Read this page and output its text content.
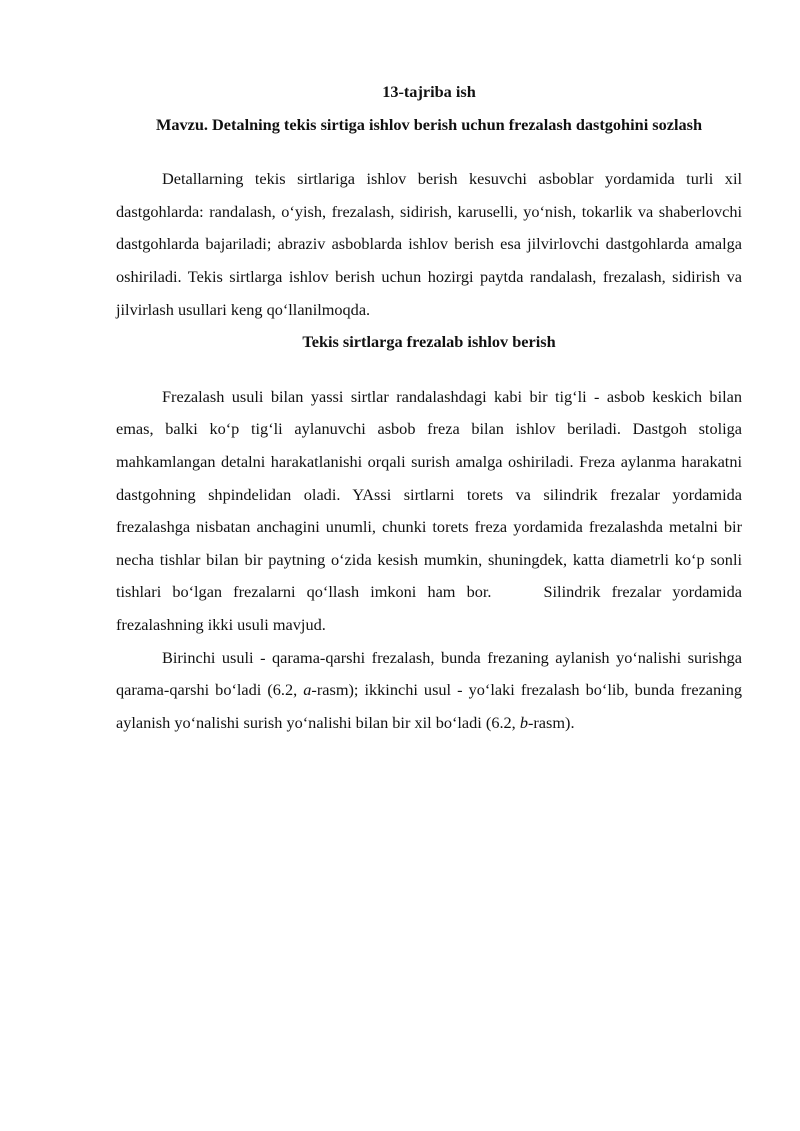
13-tajriba ish

Mavzu. Detalning tekis sirtiga ishlov berish uchun frezalash dastgohini sozlash

Detallarning tekis sirtlariga ishlov berish kesuvchi asboblar yordamida turli xil dastgohlarda: randalash, o‘yish, frezalash, sidirish, karuselli, yo‘nish, tokarlik va shaberlovchi dastgohlarda bajariladi; abraziv asboblarda ishlov berish esa jilvirlovchi dastgohlarda amalga oshiriladi. Tekis sirtlarga ishlov berish uchun hozirgi paytda randalash, frezalash, sidirish va jilvirlash usullari keng qo‘llanilmoqda.

Tekis sirtlarga frezalab ishlov berish

Frezalash usuli bilan yassi sirtlar randalashdagi kabi bir tig‘li - asbob keskich bilan emas, balki ko‘p tig‘li aylanuvchi asbob freza bilan ishlov beriladi. Dastgoh stoliga mahkamlangan detalni harakatlanishi orqali surish amalga oshiriladi. Freza aylanma harakatni dastgohning shpindelidan oladi. YAssi sirtlarni torets va silindrik frezalar yordamida frezalashga nisbatan anchagini unumli, chunki torets freza yordamida frezalashda metalni bir necha tishlar bilan bir paytning o‘zida kesish mumkin, shuningdek, katta diametrli ko‘p sonli tishlari bo‘lgan frezalarni qo‘llash imkoni ham bor.	Silindrik frezalar yordamida frezalashning ikki usuli mavjud.

Birinchi usuli - qarama-qarshi frezalash, bunda frezaning aylanish yo‘nalishi surishga qarama-qarshi bo‘ladi (6.2, a-rasm); ikkinchi usul - yo‘laki frezalash bo‘lib, bunda frezaning aylanish yo‘nalishi surish yo‘nalishi bilan bir xil bo‘ladi (6.2, b-rasm).
